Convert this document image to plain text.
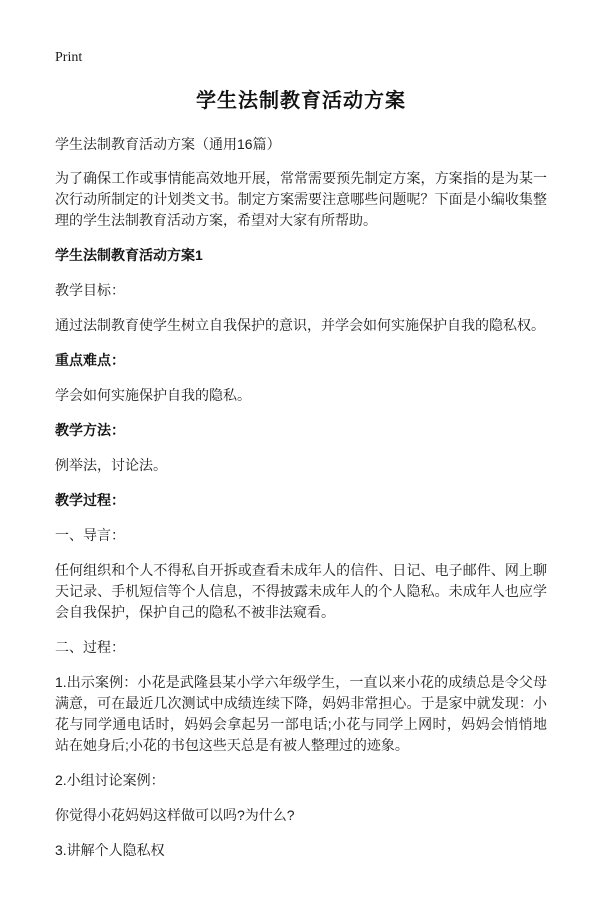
Print
学生法制教育活动方案

学生法制教育活动方案（通用16篇）

为了确保工作或事情能高效地开展，常常需要预先制定方案，方案指的是为某一次行动所制定的计划类文书。制定方案需要注意哪些问题呢？下面是小编收集整理的学生法制教育活动方案，希望对大家有所帮助。

学生法制教育活动方案1

教学目标：

通过法制教育使学生树立自我保护的意识，并学会如何实施保护自我的隐私权。

重点难点：

学会如何实施保护自我的隐私。

教学方法：

例举法，讨论法。

教学过程：

一、导言：

任何组织和个人不得私自开拆或查看未成年人的信件、日记、电子邮件、网上聊天记录、手机短信等个人信息，不得披露未成年人的个人隐私。未成年人也应学会自我保护，保护自己的隐私不被非法窥看。

二、过程：

1.出示案例：小花是武隆县某小学六年级学生，一直以来小花的成绩总是令父母满意，可在最近几次测试中成绩连续下降，妈妈非常担心。于是家中就发现：小花与同学通电话时，妈妈会拿起另一部电话;小花与同学上网时，妈妈会悄悄地站在她身后;小花的书包这些天总是有被人整理过的迹象。

2.小组讨论案例：

你觉得小花妈妈这样做可以吗?为什么?

3.讲解个人隐私权
